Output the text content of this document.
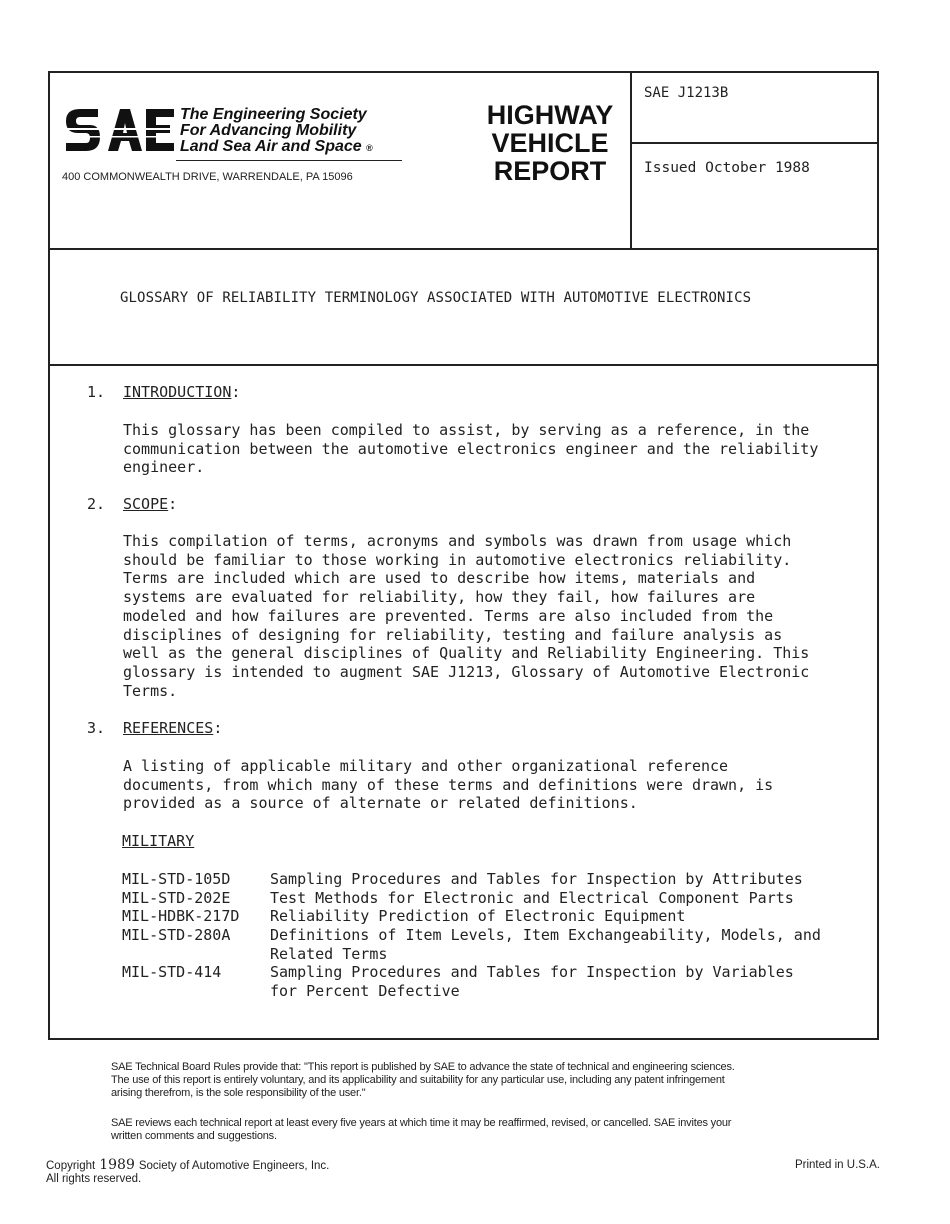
The Engineering Society
For Advancing Mobility
Land Sea Air and Space ®
400 COMMONWEALTH DRIVE, WARRENDALE, PA 15096
HIGHWAY
VEHICLE
REPORT
SAE J1213B
Issued October 1988
GLOSSARY OF RELIABILITY TERMINOLOGY ASSOCIATED WITH AUTOMOTIVE ELECTRONICS
1. INTRODUCTION:
This glossary has been compiled to assist, by serving as a reference, in the
communication between the automotive electronics engineer and the reliability
engineer.
2. SCOPE:
This compilation of terms, acronyms and symbols was drawn from usage which
should be familiar to those working in automotive electronics reliability.
Terms are included which are used to describe how items, materials and
systems are evaluated for reliability, how they fail, how failures are
modeled and how failures are prevented. Terms are also included from the
disciplines of designing for reliability, testing and failure analysis as
well as the general disciplines of Quality and Reliability Engineering. This
glossary is intended to augment SAE J1213, Glossary of Automotive Electronic
Terms.
3. REFERENCES:
A listing of applicable military and other organizational reference
documents, from which many of these terms and definitions were drawn, is
provided as a source of alternate or related definitions.
MILITARY
MIL-STD-105D	Sampling Procedures and Tables for Inspection by Attributes
MIL-STD-202E	Test Methods for Electronic and Electrical Component Parts
MIL-HDBK-217D Reliability Prediction of Electronic Equipment
MIL-STD-280A	Definitions of Item Levels, Item Exchangeability, Models, and
Related Terms
MIL-STD-414	Sampling Procedures and Tables for Inspection by Variables
for Percent Defective
SAE Technical Board Rules provide that: "This report is published by SAE to advance the state of technical and engineering sciences.
The use of this report is entirely voluntary, and its applicability and suitability for any particular use, including any patent infringement
arising therefrom, is the sole responsibility of the user."
SAE reviews each technical report at least every five years at which time it may be reaffirmed, revised, or cancelled. SAE invites your
written comments and suggestions.
Copyright 1989 Society of Automotive Engineers, Inc.
All rights reserved.
Printed in U.S.A.
